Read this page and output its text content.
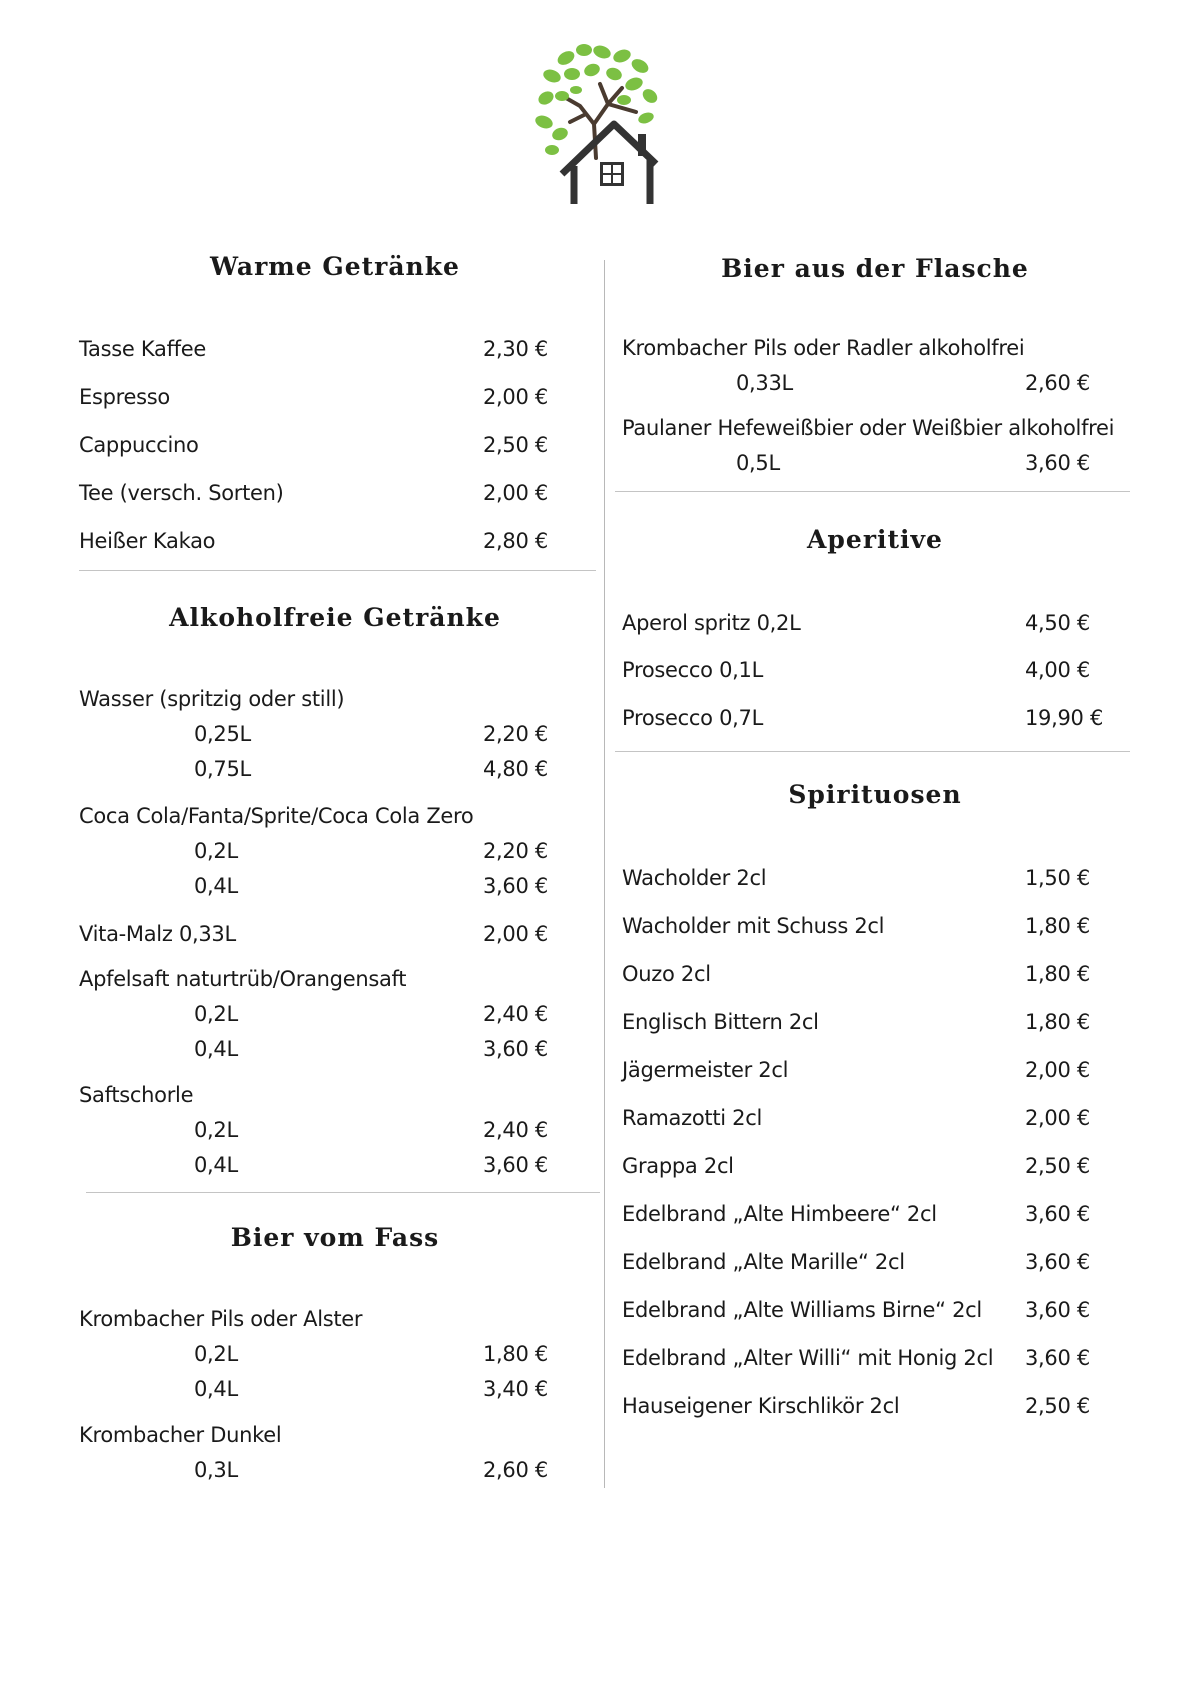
Warme Getränke
Tasse Kaffee	2,30 €
Espresso	2,00 €
Cappuccino	2,50 €
Tee (versch. Sorten)	2,00 €
Heißer Kakao	2,80 €
Alkoholfreie Getränke
Wasser (spritzig oder still)
0,25L	2,20 €
0,75L	4,80 €
Coca Cola/Fanta/Sprite/Coca Cola Zero
0,2L	2,20 €
0,4L	3,60 €
Vita-Malz 0,33L	2,00 €
Apfelsaft naturtrüb/Orangensaft
0,2L	2,40 €
0,4L	3,60 €
Saftschorle
0,2L	2,40 €
0,4L	3,60 €
Bier vom Fass
Krombacher Pils oder Alster
0,2L	1,80 €
0,4L	3,40 €
Krombacher Dunkel
0,3L	2,60 €
Bier aus der Flasche
Krombacher Pils oder Radler alkoholfrei
0,33L	2,60 €
Paulaner Hefeweißbier oder Weißbier alkoholfrei
0,5L	3,60 €
Aperitive
Aperol spritz 0,2L	4,50 €
Prosecco 0,1L	4,00 €
Prosecco 0,7L	19,90 €
Spirituosen
Wacholder 2cl	1,50 €
Wacholder mit Schuss 2cl	1,80 €
Ouzo 2cl	1,80 €
Englisch Bittern 2cl	1,80 €
Jägermeister 2cl	2,00 €
Ramazotti 2cl	2,00 €
Grappa 2cl	2,50 €
Edelbrand „Alte Himbeere“ 2cl	3,60 €
Edelbrand „Alte Marille“ 2cl	3,60 €
Edelbrand „Alte Williams Birne“ 2cl 3,60 €
Edelbrand „Alter Willi“ mit Honig 2cl 3,60 €
Hauseigener Kirschlikör 2cl	2,50 €
